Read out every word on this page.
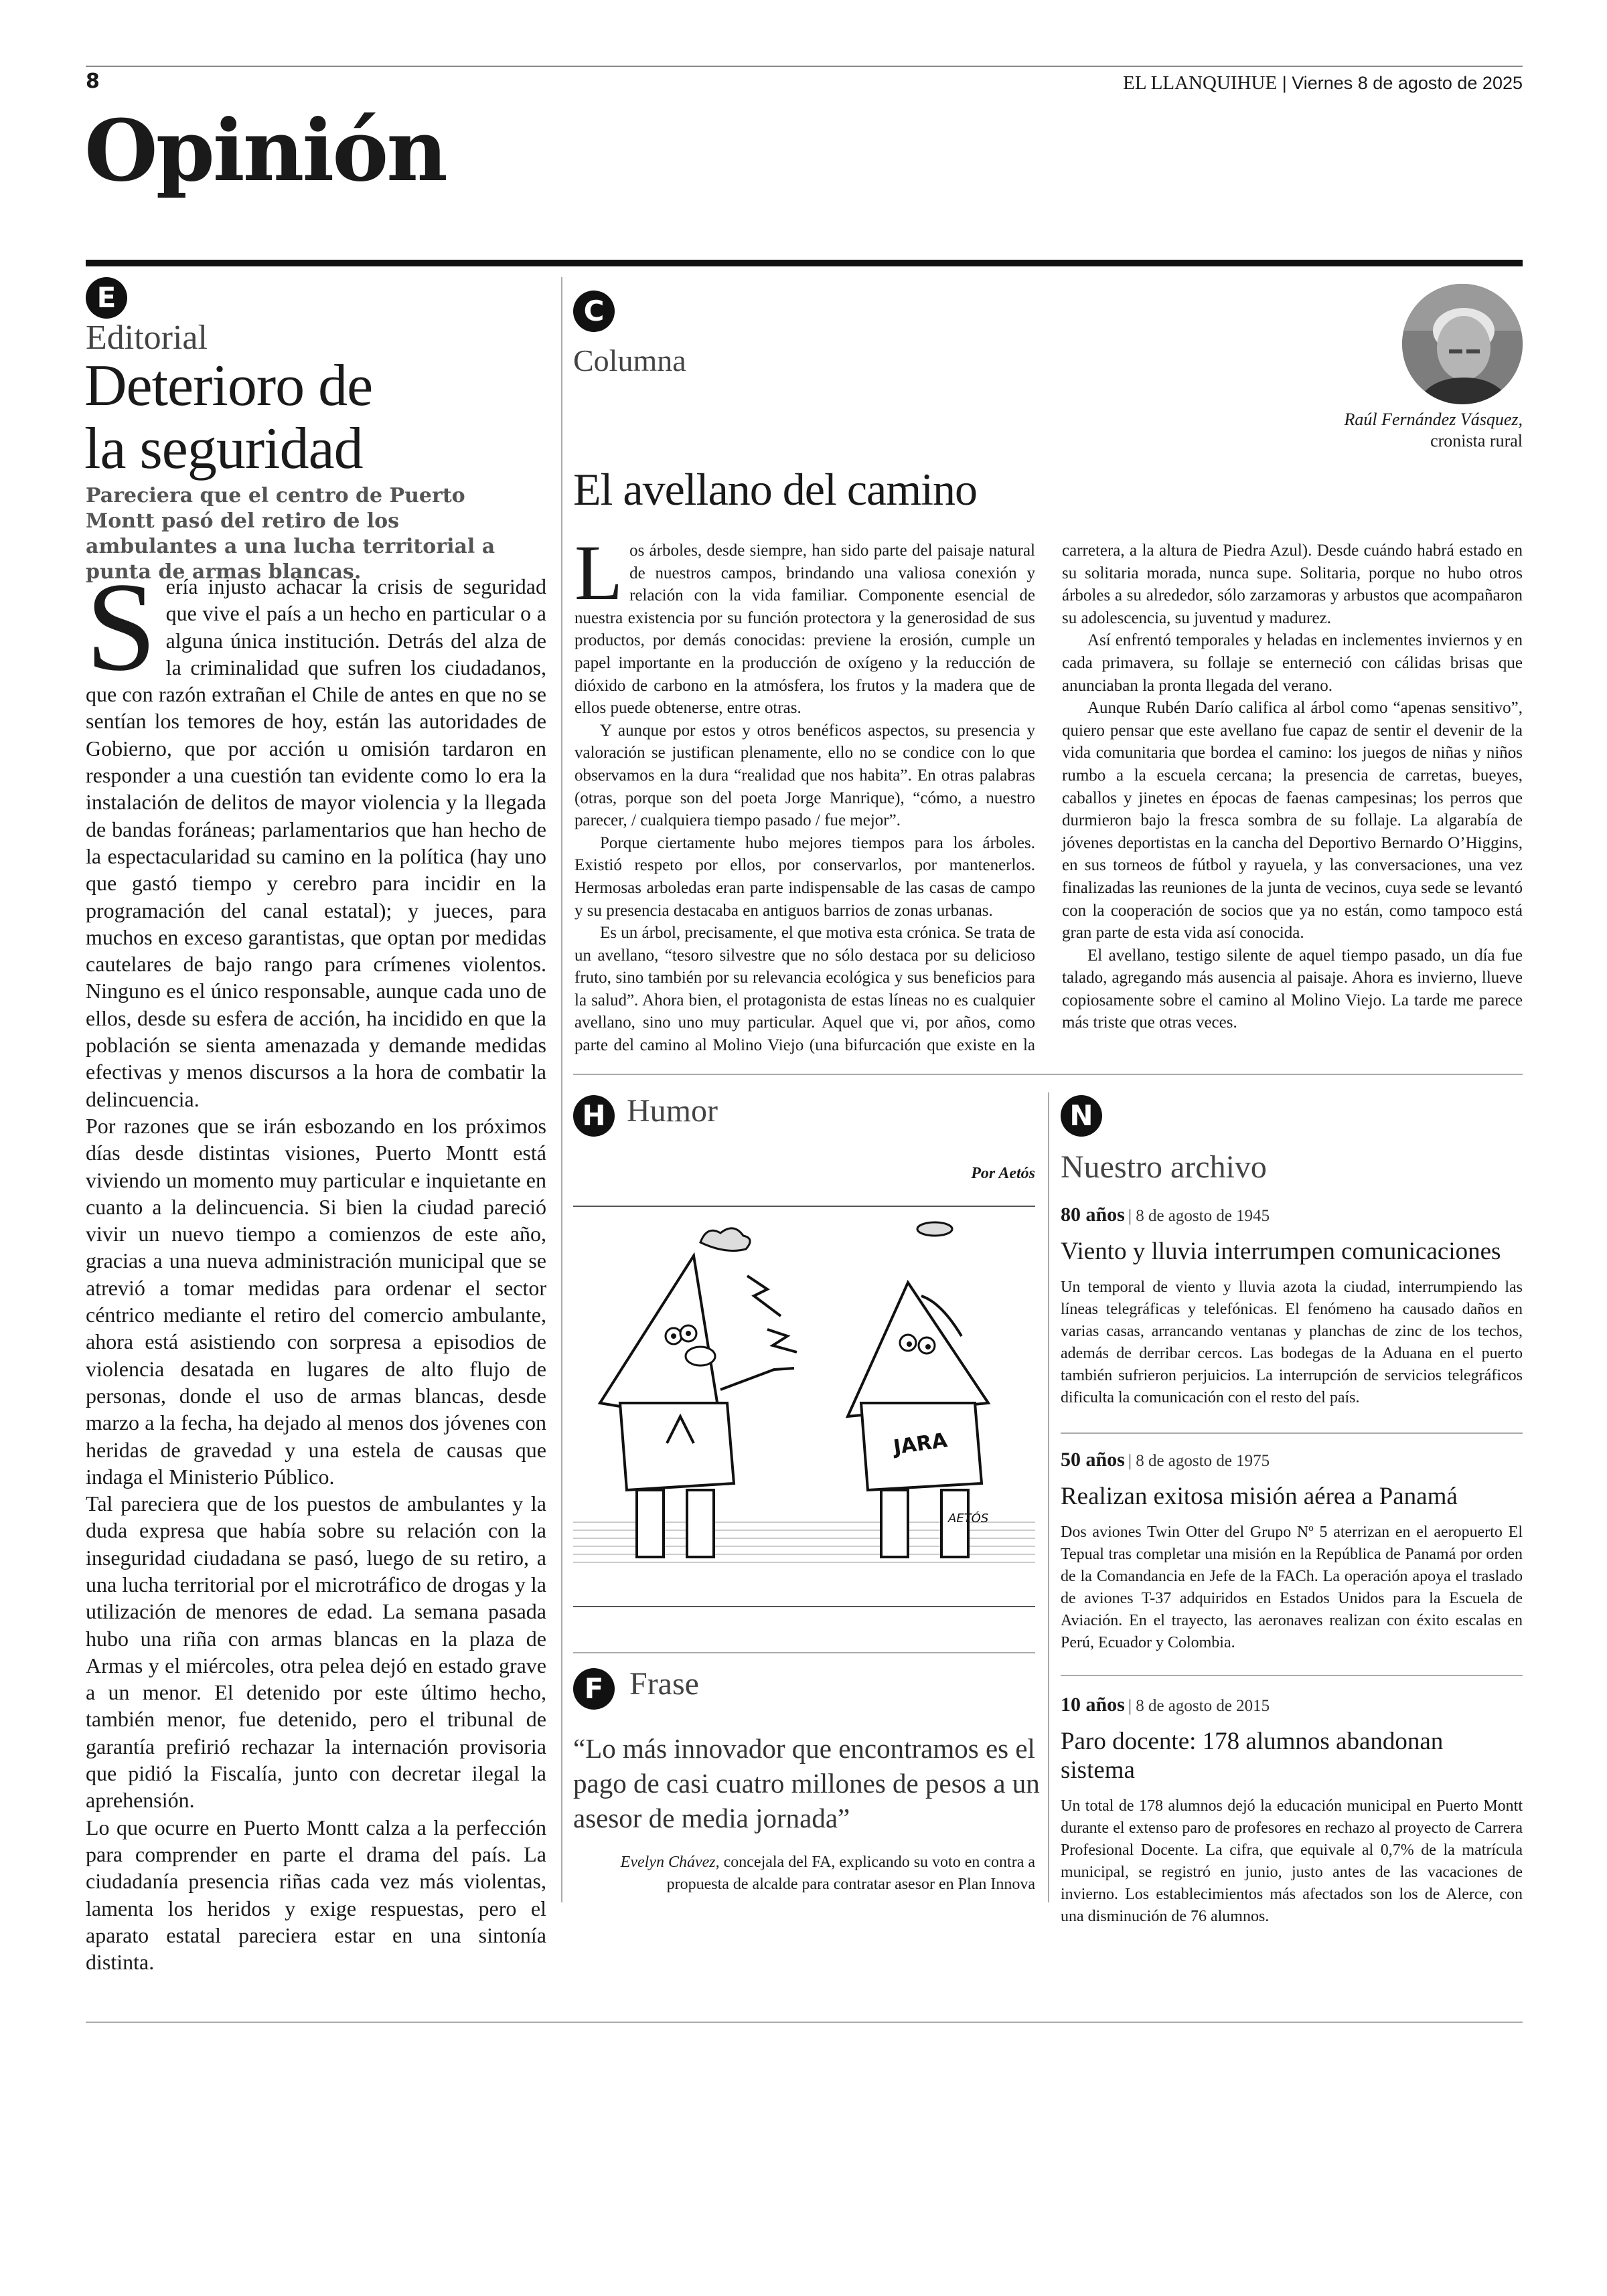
8	EL LLANQUIHUE | Viernes 8 de agosto de 2025
Opinión
E
Editorial
Deterioro de
la seguridad
Pareciera que el centro de Puerto Montt pasó del retiro de los ambulantes a una lucha territorial a punta de armas blancas.

Sería injusto achacar la crisis de seguridad que vive el país a un hecho en particular o a alguna única institución. Detrás del alza de la criminalidad que sufren los ciudadanos, que con razón extrañan el Chile de antes en que no se sentían los temores de hoy, están las autoridades de Gobierno, que por acción u omisión tardaron en responder a una cuestión tan evidente como lo era la instalación de delitos de mayor violencia y la llegada de bandas foráneas; parlamentarios que han hecho de la espectacularidad su camino en la política (hay uno que gastó tiempo y cerebro para incidir en la programación del canal estatal); y jueces, para muchos en exceso garantistas, que optan por medidas cautelares de bajo rango para crímenes violentos. Ninguno es el único responsable, aunque cada uno de ellos, desde su esfera de acción, ha incidido en que la población se sienta amenazada y demande medidas efectivas y menos discursos a la hora de combatir la delincuencia.

Por razones que se irán esbozando en los próximos días desde distintas visiones, Puerto Montt está viviendo un momento muy particular e inquietante en cuanto a la delincuencia. Si bien la ciudad pareció vivir un nuevo tiempo a comienzos de este año, gracias a una nueva administración municipal que se atrevió a tomar medidas para ordenar el sector céntrico mediante el retiro del comercio ambulante, ahora está asistiendo con sorpresa a episodios de violencia desatada en lugares de alto flujo de personas, donde el uso de armas blancas, desde marzo a la fecha, ha dejado al menos dos jóvenes con heridas de gravedad y una estela de causas que indaga el Ministerio Público.

Tal pareciera que de los puestos de ambulantes y la duda expresa que había sobre su relación con la inseguridad ciudadana se pasó, luego de su retiro, a una lucha territorial por el microtráfico de drogas y la utilización de menores de edad. La semana pasada hubo una riña con armas blancas en la plaza de Armas y el miércoles, otra pelea dejó en estado grave a un menor. El detenido por este último hecho, también menor, fue detenido, pero el tribunal de garantía prefirió rechazar la internación provisoria que pidió la Fiscalía, junto con decretar ilegal la aprehensión.

Lo que ocurre en Puerto Montt calza a la perfección para comprender en parte el drama del país. La ciudadanía presencia riñas cada vez más violentas, lamenta los heridos y exige respuestas, pero el aparato estatal pareciera estar en una sintonía distinta.

C
Columna
Raúl Fernández Vásquez,
cronista rural
El avellano del camino

Los árboles, desde siempre, han sido parte del paisaje natural de nuestros campos, brindando una valiosa conexión y relación con la vida familiar. Componente esencial de nuestra existencia por su función protectora y la generosidad de sus productos, por demás conocidas: previene la erosión, cumple un papel importante en la producción de oxígeno y la reducción de dióxido de carbono en la atmósfera, los frutos y la madera que de ellos puede obtenerse, entre otras.

Y aunque por estos y otros benéficos aspectos, su presencia y valoración se justifican plenamente, ello no se condice con lo que observamos en la dura “realidad que nos habita”. En otras palabras (otras, porque son del poeta Jorge Manrique), “cómo, a nuestro parecer, / cualquiera tiempo pasado / fue mejor”.

Porque ciertamente hubo mejores tiempos para los árboles. Existió respeto por ellos, por conservarlos, por mantenerlos. Hermosas arboledas eran parte indispensable de las casas de campo y su presencia destacaba en antiguos barrios de zonas urbanas.

Es un árbol, precisamente, el que motiva esta crónica. Se trata de un avellano, “tesoro silvestre que no sólo destaca por su delicioso fruto, sino también por su relevancia ecológica y sus beneficios para la salud”. Ahora bien, el protagonista de estas líneas no es cualquier avellano, sino uno muy particular. Aquel que vi, por años, como parte del camino al Molino Viejo (una bifurcación que existe en la carretera, a la altura de Piedra Azul). Desde cuándo habrá estado en su solitaria morada, nunca supe. Solitaria, porque no hubo otros árboles a su alrededor, sólo zarzamoras y arbustos que acompañaron su adolescencia, su juventud y madurez.

Así enfrentó temporales y heladas en inclementes inviernos y en cada primavera, su follaje se enterneció con cálidas brisas que anunciaban la pronta llegada del verano.

Aunque Rubén Darío califica al árbol como “apenas sensitivo”, quiero pensar que este avellano fue capaz de sentir el devenir de la vida comunitaria que bordea el camino: los juegos de niñas y niños rumbo a la escuela cercana; la presencia de carretas, bueyes, caballos y jinetes en épocas de faenas campesinas; los perros que durmieron bajo la fresca sombra de su follaje. La algarabía de jóvenes deportistas en la cancha del Deportivo Bernardo O’Higgins, en sus torneos de fútbol y rayuela, y las conversaciones, una vez finalizadas las reuniones de la junta de vecinos, cuya sede se levantó con la cooperación de socios que ya no están, como tampoco está gran parte de esta vida así conocida.

El avellano, testigo silente de aquel tiempo pasado, un día fue talado, agregando más ausencia al paisaje. Ahora es invierno, llueve copiosamente sobre el camino al Molino Viejo. La tarde me parece más triste que otras veces.

H Humor
Por Aetós
JARA
AETÓS
F Frase
“Lo más innovador que encontramos es el pago de casi cuatro millones de pesos a un asesor de media jornada”
Evelyn Chávez, concejala del FA, explicando su voto en contra a propuesta de alcalde para contratar asesor en Plan Innova
N
Nuestro archivo
80 años | 8 de agosto de 1945
Viento y lluvia interrumpen comunicaciones
Un temporal de viento y lluvia azota la ciudad, interrumpiendo las líneas telegráficas y telefónicas. El fenómeno ha causado daños en varias casas, arrancando ventanas y planchas de zinc de los techos, además de derribar cercos. Las bodegas de la Aduana en el puerto también sufrieron perjuicios. La interrupción de servicios telegráficos dificulta la comunicación con el resto del país.
50 años | 8 de agosto de 1975
Realizan exitosa misión aérea a Panamá
Dos aviones Twin Otter del Grupo Nº 5 aterrizan en el aeropuerto El Tepual tras completar una misión en la República de Panamá por orden de la Comandancia en Jefe de la FACh. La operación apoya el traslado de aviones T-37 adquiridos en Estados Unidos para la Escuela de Aviación. En el trayecto, las aeronaves realizan con éxito escalas en Perú, Ecuador y Colombia.
10 años | 8 de agosto de 2015
Paro docente: 178 alumnos abandonan sistema
Un total de 178 alumnos dejó la educación municipal en Puerto Montt durante el extenso paro de profesores en rechazo al proyecto de Carrera Profesional Docente. La cifra, que equivale al 0,7% de la matrícula municipal, se registró en junio, justo antes de las vacaciones de invierno. Los establecimientos más afectados son los de Alerce, con una disminución de 76 alumnos.
